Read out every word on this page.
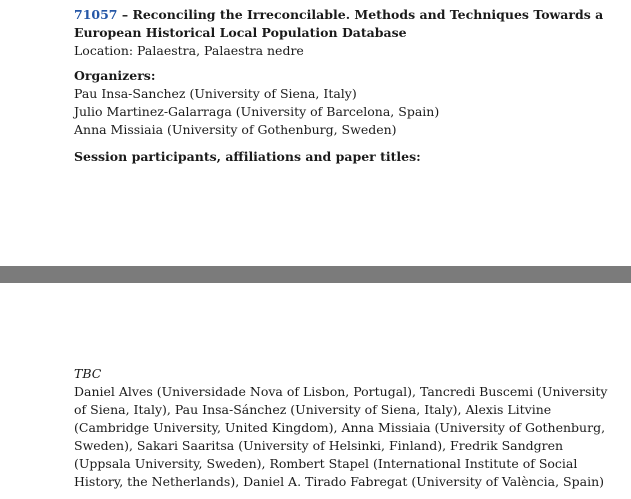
71057 – Reconciling the Irreconcilable. Methods and Techniques Towards a
European Historical Local Population Database
Location: Palaestra, Palaestra nedre
Organizers:
Pau Insa-Sanchez (University of Siena, Italy)
Julio Martinez-Galarraga (University of Barcelona, Spain)
Anna Missiaia (University of Gothenburg, Sweden)
Session participants, affiliations and paper titles:
TBC
Daniel Alves (Universidade Nova of Lisbon, Portugal), Tancredi Buscemi (University
of Siena, Italy), Pau Insa-Sánchez (University of Siena, Italy), Alexis Litvine
(Cambridge University, United Kingdom), Anna Missiaia (University of Gothenburg,
Sweden), Sakari Saaritsa (University of Helsinki, Finland), Fredrik Sandgren
(Uppsala University, Sweden), Rombert Stapel (International Institute of Social
History, the Netherlands), Daniel A. Tirado Fabregat (University of València, Spain)
